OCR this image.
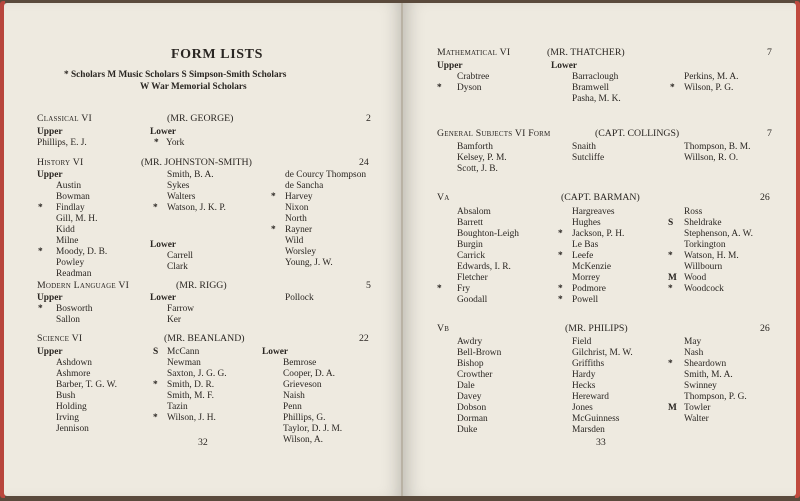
FORM LISTS
* Scholars M Music Scholars S Simpson-Smith Scholars
W War Memorial Scholars
Classical VI	(MR. GEORGE)	2
Upper	Lower
Phillips, E. J.	* York
History VI	(MR. JOHNSTON-SMITH)	24
Upper
Austin
Bowman
* Findlay
Gill, M. H.
Kidd
Milne
* Moody, D. B.
Powley
Readman
Smith, B. A.
Sykes
Walters
* Watson, J. K. P.
Lower
Carrell
Clark
de Courcy Thompson
de Sancha
* Harvey
Nixon
North
* Rayner
Wild
Worsley
Young, J. W.
Modern Language VI	(MR. RIGG)	5
Upper	Lower
* Bosworth
Sallon
Farrow
Ker
Pollock
Science VI	(MR. BEANLAND)	22
Upper	Lower
Ashdown
Ashmore
Barber, T. G. W.
Bush
Holding
Irving
Jennison
S McCann
Newman
Saxton, J. G. G.
* Smith, D. R.
Smith, M. F.
Tazin
* Wilson, J. H.
Bemrose
Cooper, D. A.
Grieveson
Naish
Penn
Phillips, G.
Taylor, D. J. M.
Wilson, A.
32
Mathematical VI	(MR. THATCHER)	7
Upper	Lower
Crabtree
* Dyson
Barraclough
Bramwell
Pasha, M. K.
Perkins, M. A.
* Wilson, P. G.
General Subjects VI Form	(CAPT. COLLINGS)	7
Bamforth
Kelsey, P. M.
Scott, J. B.
Snaith
Sutcliffe
Thompson, B. M.
Willson, R. O.
Va	(CAPT. BARMAN)	26
Absalom
Barrett
Boughton-Leigh
Burgin
Carrick
Edwards, I. R.
Fletcher
* Fry
Goodall
Hargreaves
Hughes
* Jackson, P. H.
Le Bas
* Leefe
McKenzie
Morrey
* Podmore
* Powell
Ross
S Sheldrake
Stephenson, A. W.
Torkington
* Watson, H. M.
Willbourn
M Wood
* Woodcock
Vb	(MR. PHILIPS)	26
Awdry
Bell-Brown
Bishop
Crowther
Dale
Davey
Dobson
Dorman
Duke
Field
Gilchrist, M. W.
Griffiths
Hardy
Hecks
Hereward
Jones
McGuinness
Marsden
May
Nash
* Sheardown
Smith, M. A.
Swinney
Thompson, P. G.
M Towler
Walter
33
